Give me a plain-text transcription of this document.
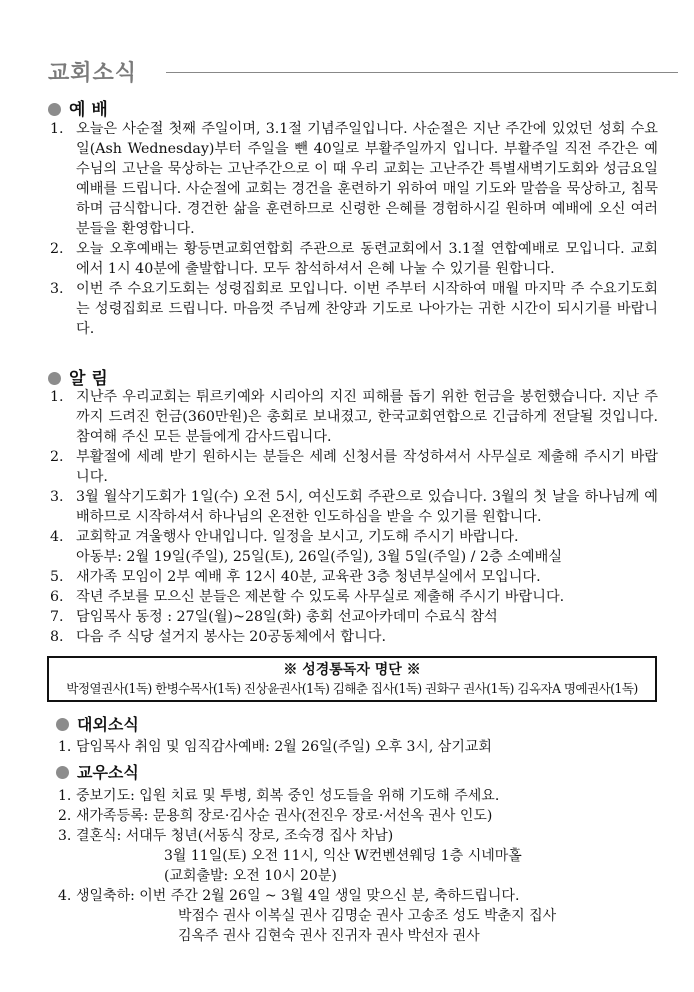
교회소식
예 배
1. 오늘은 사순절 첫째 주일이며, 3.1절 기념주일입니다. 사순절은 지난 주간에 있었던 성회 수요일(Ash Wednesday)부터 주일을 뺀 40일로 부활주일까지 입니다. 부활주일 직전 주간은 예수님의 고난을 묵상하는 고난주간으로 이 때 우리 교회는 고난주간 특별새벽기도회와 성금요일 예배를 드립니다. 사순절에 교회는 경건을 훈련하기 위하여 매일 기도와 말씀을 묵상하고, 침묵하며 금식합니다. 경건한 삶을 훈련하므로 신령한 은혜를 경험하시길 원하며 예배에 오신 여러분들을 환영합니다.
2. 오늘 오후예배는 황등면교회연합회 주관으로 동련교회에서 3.1절 연합예배로 모입니다. 교회에서 1시 40분에 출발합니다. 모두 참석하셔서 은혜 나눌 수 있기를 원합니다.
3. 이번 주 수요기도회는 성령집회로 모입니다. 이번 주부터 시작하여 매월 마지막 주 수요기도회는 성령집회로 드립니다. 마음껏 주님께 찬양과 기도로 나아가는 귀한 시간이 되시기를 바랍니다.
알 림
1. 지난주 우리교회는 튀르키예와 시리아의 지진 피해를 돕기 위한 헌금을 봉헌했습니다. 지난 주까지 드려진 헌금(360만원)은 총회로 보내졌고, 한국교회연합으로 긴급하게 전달될 것입니다. 참여해 주신 모든 분들에게 감사드립니다.
2. 부활절에 세례 받기 원하시는 분들은 세례 신청서를 작성하셔서 사무실로 제출해 주시기 바랍니다.
3. 3월 월삭기도회가 1일(수) 오전 5시, 여신도회 주관으로 있습니다. 3월의 첫 날을 하나님께 예배하므로 시작하셔서 하나님의 온전한 인도하심을 받을 수 있기를 원합니다.
4. 교회학교 겨울행사 안내입니다. 일정을 보시고, 기도해 주시기 바랍니다.
아동부: 2월 19일(주일), 25일(토), 26일(주일), 3월 5일(주일) / 2층 소예배실
5. 새가족 모임이 2부 예배 후 12시 40분, 교육관 3층 청년부실에서 모입니다.
6. 작년 주보를 모으신 분들은 제본할 수 있도록 사무실로 제출해 주시기 바랍니다.
7. 담임목사 동정 : 27일(월)~28일(화) 총회 선교아카데미 수료식 참석
8. 다음 주 식당 설거지 봉사는 20공동체에서 합니다.
※ 성경통독자 명단 ※
박정열권사(1독) 한병수목사(1독) 진상윤권사(1독) 김해춘 집사(1독) 권화구 권사(1독) 김옥자A 명예권사(1독)
대외소식
1. 담임목사 취임 및 임직감사예배: 2월 26일(주일) 오후 3시, 삼기교회
교우소식
1. 중보기도: 입원 치료 및 투병, 회복 중인 성도들을 위해 기도해 주세요.
2. 새가족등록: 문용희 장로·김사순 권사(전진우 장로·서선옥 권사 인도)
3. 결혼식: 서대두 청년(서동식 장로, 조숙경 집사 차남)
3월 11일(토) 오전 11시, 익산 W컨벤션웨딩 1층 시네마홀
(교회출발: 오전 10시 20분)
4. 생일축하: 이번 주간 2월 26일 ~ 3월 4일 생일 맞으신 분, 축하드립니다.
박점수 권사 이복실 권사 김명순 권사 고송조 성도 박춘지 집사
김옥주 권사 김현숙 권사 진귀자 권사 박선자 권사
